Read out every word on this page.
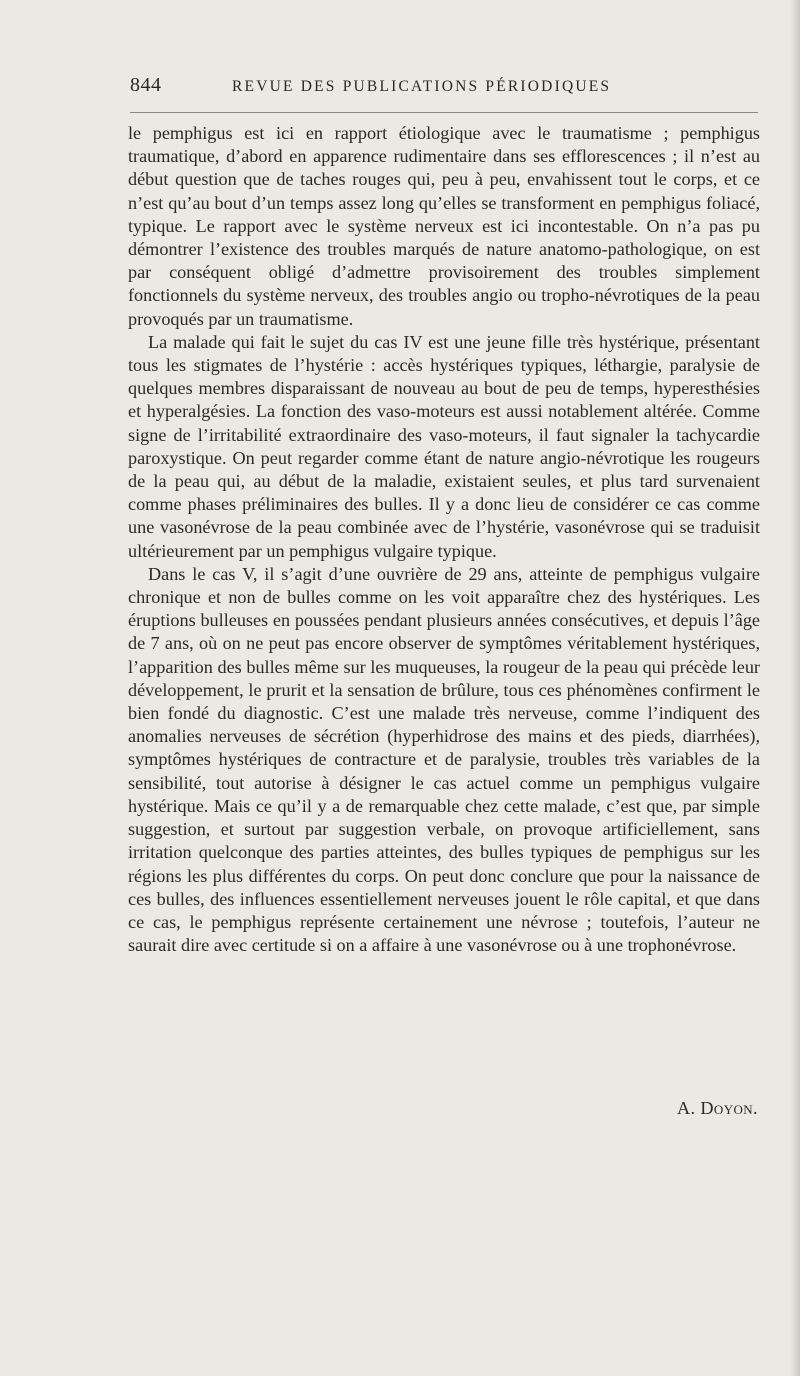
844	REVUE DES PUBLICATIONS PÉRIODIQUES

le pemphigus est ici en rapport étiologique avec le traumatisme ; pemphigus traumatique, d’abord en apparence rudimentaire dans ses efflorescences ; il n’est au début question que de taches rouges qui, peu à peu, envahissent tout le corps, et ce n’est qu’au bout d’un temps assez long qu’elles se transforment en pemphigus foliacé, typique. Le rapport avec le système nerveux est ici incontestable. On n’a pas pu démontrer l’existence des troubles marqués de nature anatomo-pathologique, on est par conséquent obligé d’admettre provisoirement des troubles simplement fonctionnels du système nerveux, des troubles angio ou tropho-névrotiques de la peau provoqués par un traumatisme.

La malade qui fait le sujet du cas IV est une jeune fille très hystérique, présentant tous les stigmates de l’hystérie : accès hystériques typiques, léthargie, paralysie de quelques membres disparaissant de nouveau au bout de peu de temps, hyperesthésies et hyperalgésies. La fonction des vaso-moteurs est aussi notablement altérée. Comme signe de l’irritabilité extraordinaire des vaso-moteurs, il faut signaler la tachycardie paroxystique. On peut regarder comme étant de nature angio-névrotique les rougeurs de la peau qui, au début de la maladie, existaient seules, et plus tard survenaient comme phases préliminaires des bulles. Il y a donc lieu de considérer ce cas comme une vasonévrose de la peau combinée avec de l’hystérie, vasonévrose qui se traduisit ultérieurement par un pemphigus vulgaire typique.

Dans le cas V, il s’agit d’une ouvrière de 29 ans, atteinte de pemphigus vulgaire chronique et non de bulles comme on les voit apparaître chez des hystériques. Les éruptions bulleuses en poussées pendant plusieurs années consécutives, et depuis l’âge de 7 ans, où on ne peut pas encore observer de symptômes véritablement hystériques, l’apparition des bulles même sur les muqueuses, la rougeur de la peau qui précède leur développement, le prurit et la sensation de brûlure, tous ces phénomènes confirment le bien fondé du diagnostic. C’est une malade très nerveuse, comme l’indiquent des anomalies nerveuses de sécrétion (hyperhidrose des mains et des pieds, diarrhées), symptômes hystériques de contracture et de paralysie, troubles très variables de la sensibilité, tout autorise à désigner le cas actuel comme un pemphigus vulgaire hystérique. Mais ce qu’il y a de remarquable chez cette malade, c’est que, par simple suggestion, et surtout par suggestion verbale, on provoque artificiellement, sans irritation quelconque des parties atteintes, des bulles typiques de pemphigus sur les régions les plus différentes du corps. On peut donc conclure que pour la naissance de ces bulles, des influences essentiellement nerveuses jouent le rôle capital, et que dans ce cas, le pemphigus représente certainement une névrose ; toutefois, l’auteur ne saurait dire avec certitude si on a affaire à une vasonévrose ou à une trophonévrose.

A. Doyon.
